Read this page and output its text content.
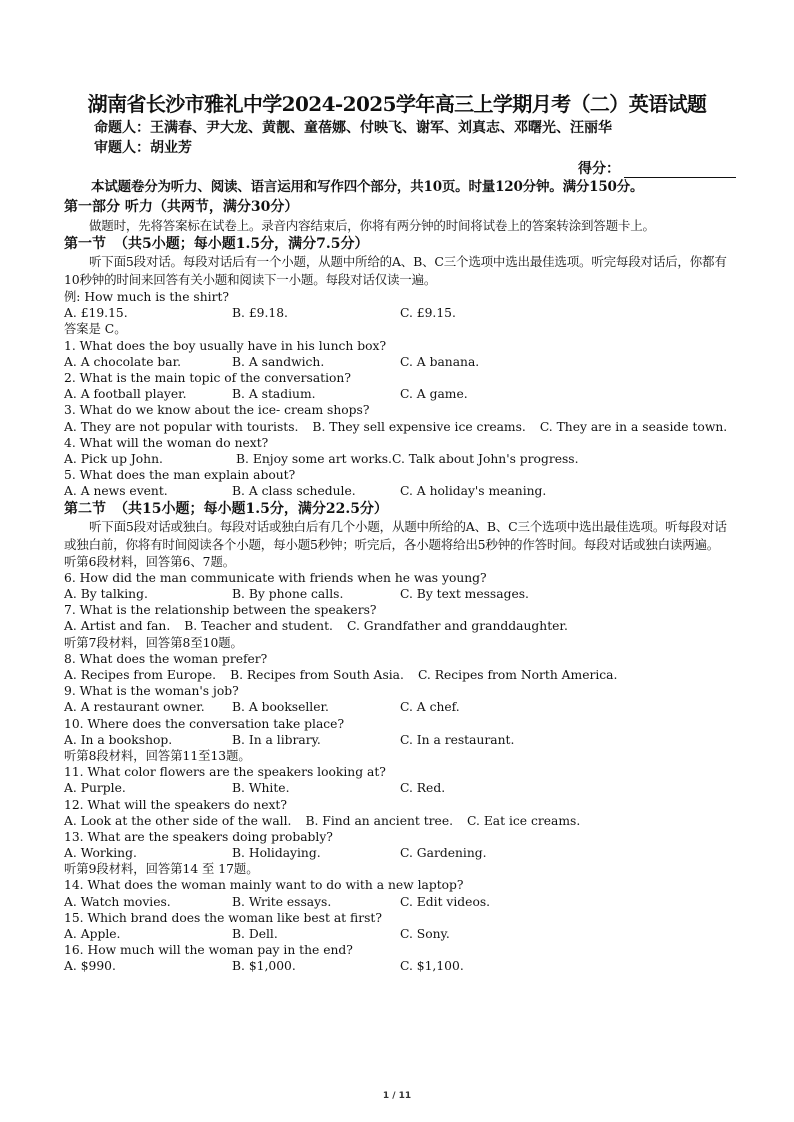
湖南省长沙市雅礼中学2024-2025学年高三上学期月考（二）英语试题
命题人：王满春、尹大龙、黄靓、童蓓娜、付映飞、谢军、刘真志、邓曙光、汪丽华
审题人：胡业芳
得分：

本试题卷分为听力、阅读、语言运用和写作四个部分，共10页。时量120分钟。满分150分。

第一部分 听力（共两节，满分30分）

做题时，先将答案标在试卷上。录音内容结束后，你将有两分钟的时间将试卷上的答案转涂到答题卡上。

第一节 （共5小题；每小题1.5分，满分7.5分）

听下面5段对话。每段对话后有一个小题，从题中所给的A、B、C三个选项中选出最佳选项。听完每段对话后，你都有 10秒钟的时间来回答有关小题和阅读下一小题。每段对话仅读一遍。

例: How much is the shirt?

A. £19.15.	B. £9.18.	C. £9.15.

答案是 C。

1. What does the boy usually have in his lunch box?

A. A chocolate bar.	B. A sandwich.	C. A banana.

2. What is the main topic of the conversation?

A. A football player.	B. A stadium.	C. A game.

3. What do we know about the ice- cream shops?

A. They are not popular with tourists. B. They sell expensive ice creams. C. They are in a seaside town.

4. What will the woman do next?

A. Pick up John.	B. Enjoy some art works. C. Talk about John's progress.

5. What does the man explain about?

A. A news event.	B. A class schedule.	C. A holiday's meaning.

第二节 （共15小题；每小题1.5分，满分22.5分）

听下面5段对话或独白。每段对话或独白后有几个小题，从题中所给的A、B、C三个选项中选出最佳选项。听每段对话或独白前，你将有时间阅读各个小题，每小题5秒钟；听完后，各小题将给出5秒钟的作答时间。每段对话或独白读两遍。

听第6段材料，回答第6、7题。

6. How did the man communicate with friends when he was young?

A. By talking.	B. By phone calls.	C. By text messages.

7. What is the relationship between the speakers?

A. Artist and fan. B. Teacher and student. C. Grandfather and granddaughter.

听第7段材料，回答第8至10题。

8. What does the woman prefer?

A. Recipes from Europe. B. Recipes from South Asia. C. Recipes from North America.

9. What is the woman's job?

A. A restaurant owner. B. A bookseller.	C. A chef.

10. Where does the conversation take place?

A. In a bookshop.	B. In a library.	C. In a restaurant.

听第8段材料，回答第11至13题。

11. What color flowers are the speakers looking at?

A. Purple.	B. White.	C. Red.

12. What will the speakers do next?

A. Look at the other side of the wall. B. Find an ancient tree. C. Eat ice creams.

13. What are the speakers doing probably?

A. Working.	B. Holidaying.	C. Gardening.

听第9段材料，回答第14 至 17题。

14. What does the woman mainly want to do with a new laptop?

A. Watch movies.	B. Write essays.	C. Edit videos.

15. Which brand does the woman like best at first?

A. Apple.	B. Dell.	C. Sony.

16. How much will the woman pay in the end?

A. $990.	B. $1,000.	C. $1,100.
1 / 11
